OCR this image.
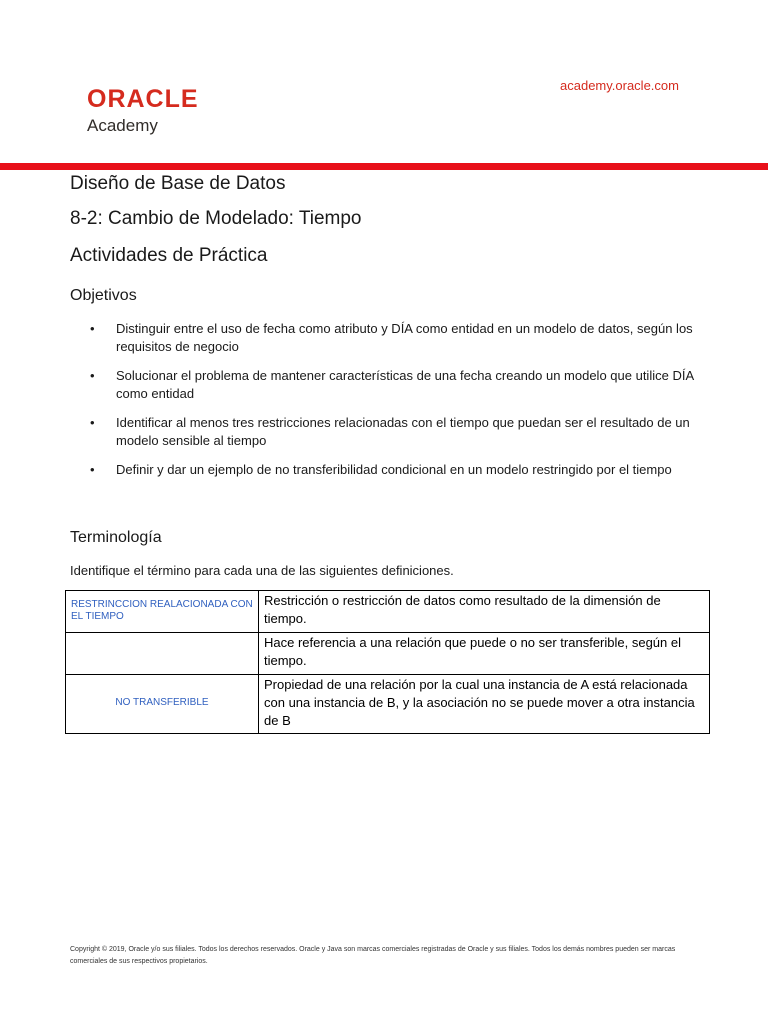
ORACLE
Academy
academy.oracle.com
Diseño de Base de Datos
8-2: Cambio de Modelado: Tiempo
Actividades de Práctica
Objetivos
• Distinguir entre el uso de fecha como atributo y DÍA como entidad en un modelo de datos, según los requisitos de negocio
• Solucionar el problema de mantener características de una fecha creando un modelo que utilice DÍA como entidad
• Identificar al menos tres restricciones relacionadas con el tiempo que puedan ser el resultado de un modelo sensible al tiempo
• Definir y dar un ejemplo de no transferibilidad condicional en un modelo restringido por el tiempo
Terminología

Identifique el término para cada una de las siguientes definiciones.

RESTRINCCION REALACIONADA CON EL TIEMPO	Restricción o restricción de datos como resultado de la dimensión de tiempo.
	Hace referencia a una relación que puede o no ser transferible, según el tiempo.
NO TRANSFERIBLE	Propiedad de una relación por la cual una instancia de A está relacionada con una instancia de B, y la asociación no se puede mover a otra instancia de B

Copyright © 2019, Oracle y/o sus filiales. Todos los derechos reservados. Oracle y Java son marcas comerciales registradas de Oracle y sus filiales. Todos los demás nombres pueden ser marcas comerciales de sus respectivos propietarios.
